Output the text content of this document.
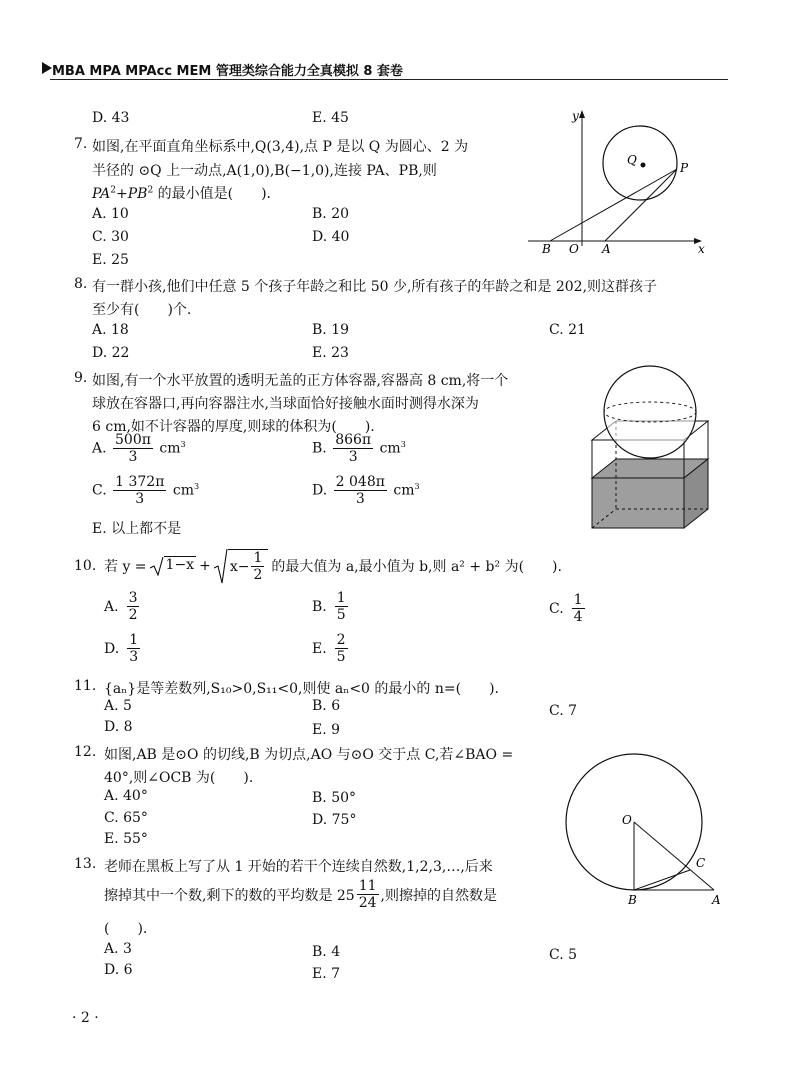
MBA MPA MPAcc MEM 管理类综合能力全真模拟 8 套卷
D. 43	E. 45
7. 如图,在平面直角坐标系中,Q(3,4),点 P 是以 Q 为圆心、2 为
半径的 ⊙Q 上一动点,A(1,0),B(−1,0),连接 PA、PB,则
$PA^2+PB^2$ 的最小值是(　　).
A. 10	B. 20
C. 30	D. 40
E. 25
y
x
Q
P
B O A
8. 有一群小孩,他们中任意 5 个孩子年龄之和比 50 少,所有孩子的年龄之和是 202,则这群孩子
至少有(　　)个.
A. 18	B. 19	C. 21
D. 22	E. 23
9. 如图,有一个水平放置的透明无盖的正方体容器,容器高 8 cm,将一个
球放在容器口,再向容器注水,当球面恰好接触水面时测得水深为
6 cm,如不计容器的厚度,则球的体积为(　　).
A. $\frac{500\pi}{3} cm^3$	B. $\frac{866\pi}{3} cm^3$
C. $\frac{1 372\pi}{3} cm^3$	D. $\frac{2 048\pi}{3} cm^3$
E. 以上都不是
10. 若 $y = 1-x + x- \frac{1}{2}$ 的最大值为 a,最小值为 b,则 a² + b² 为(　　).
A. $\frac{3}{2}$	B. $\frac{1}{5}$	C. $\frac{1}{4}$
D. $\frac{1}{3}$	E. $\frac{2}{5}$
11. {aₙ}是等差数列,S₁₀>0,S₁₁<0,则使 aₙ<0 的最小的 n=(　　).
A. 5	B. 6	C. 7
D. 8	E. 9
12. 如图,AB 是⊙O 的切线,B 为切点,AO 与⊙O 交于点 C,若∠BAO =
40°,则∠OCB 为(　　).
A. 40°	B. 50°
C. 65°	D. 75°
E. 55°
O
C
B	A
13. 老师在黑板上写了从 1 开始的若干个连续自然数,1,2,3,…,后来
擦掉其中一个数,剩下的数的平均数是 $25 \frac{11}{24}$ ,则擦掉的自然数是
(　　).
A. 3	B. 4	C. 5
D. 6	E. 7
· 2 ·
